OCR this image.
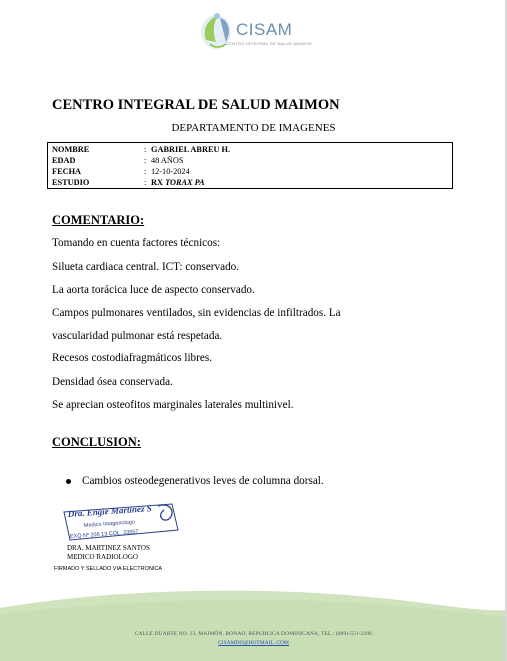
CISAM
CENTRO INTEGRAL DE SALUD MAIMON
CENTRO INTEGRAL DE SALUD MAIMON
DEPARTAMENTO DE IMAGENES
NOMBRE	: GABRIEL ABREU H.
EDAD	: 48 AÑOS
FECHA	: 12-10-2024
ESTUDIO	: RX TORAX PA
COMENTARIO:
Tomando en cuenta factores técnicos:
Silueta cardiaca central. ICT: conservado.
La aorta torácica luce de aspecto conservado.
Campos pulmonares ventilados, sin evidencias de infiltrados. La
vascularidad pulmonar está respetada.
Recesos costodiafragmáticos libres.
Densidad ósea conservada.
Se aprecian osteofitos marginales laterales multinivel.
CONCLUSION:
Cambios osteodegenerativos leves de columna dorsal.
Dra. Engie Martinez S
Medico Imagenologo
EXQ Nº 206 13 COL. 23557
DRA. MARTINEZ SANTOS
MEDICO RADIOLOGO
FIRMADO Y SELLADO VIA ELECTRONICA
CALLE DUARTE NO. 13, MAIMÓN, BONAO, REPUBLICA DOMINICANA, TEL.: (809)-551-2196
CISAMDO@HOTMAIL .COM
